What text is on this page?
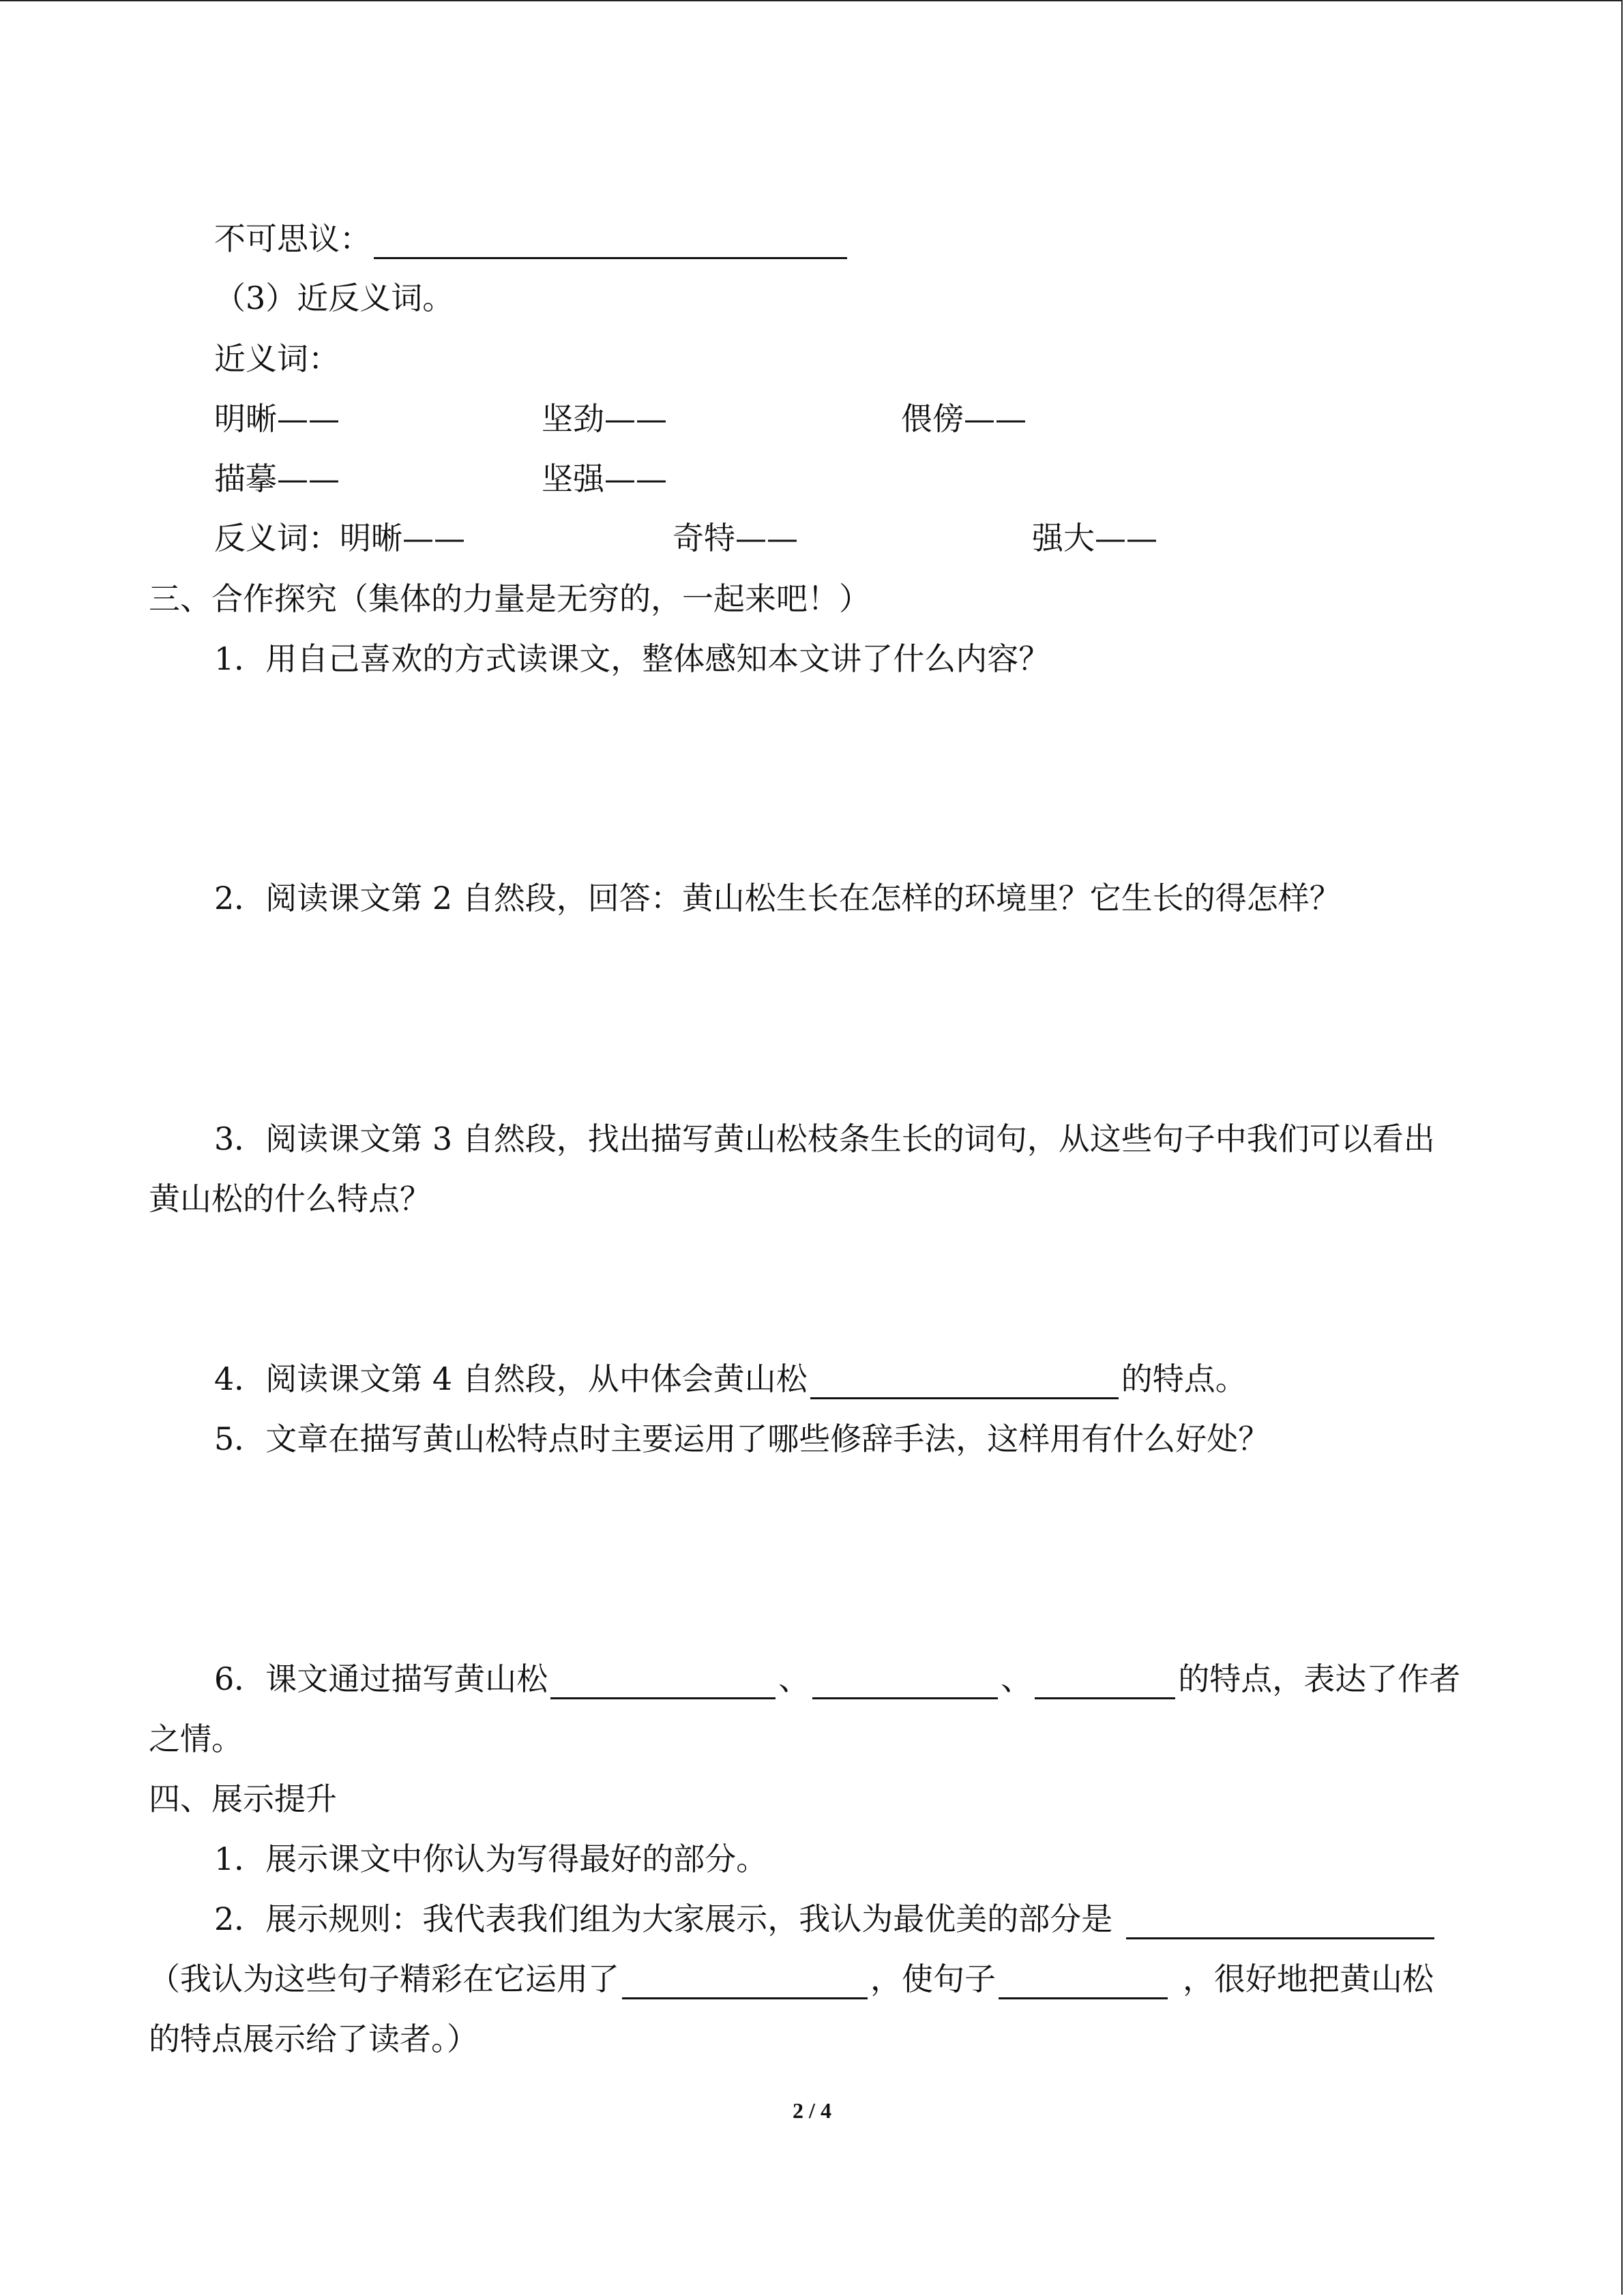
不可思议：
（3）近反义词。
近义词：
明晰——	坚劲——	偎傍——
描摹——	坚强——
反义词：明晰——	奇特——	强大——
三、合作探究（集体的力量是无穷的，一起来吧！）
1．用自己喜欢的方式读课文，整体感知本文讲了什么内容？
2．阅读课文第 2 自然段，回答：黄山松生长在怎样的环境里？它生长的得怎样？
3．阅读课文第 3 自然段，找出描写黄山松枝条生长的词句，从这些句子中我们可以看出
黄山松的什么特点？
4．阅读课文第 4 自然段，从中体会黄山松	的特点。
5．文章在描写黄山松特点时主要运用了哪些修辞手法，这样用有什么好处？
6．课文通过描写黄山松	、	、	的特点，表达了作者
之情。
四、展示提升
1．展示课文中你认为写得最好的部分。
2．展示规则：我代表我们组为大家展示，我认为最优美的部分是
（我认为这些句子精彩在它运用了	，使句子	，很好地把黄山松
的特点展示给了读者。）
2 / 4
